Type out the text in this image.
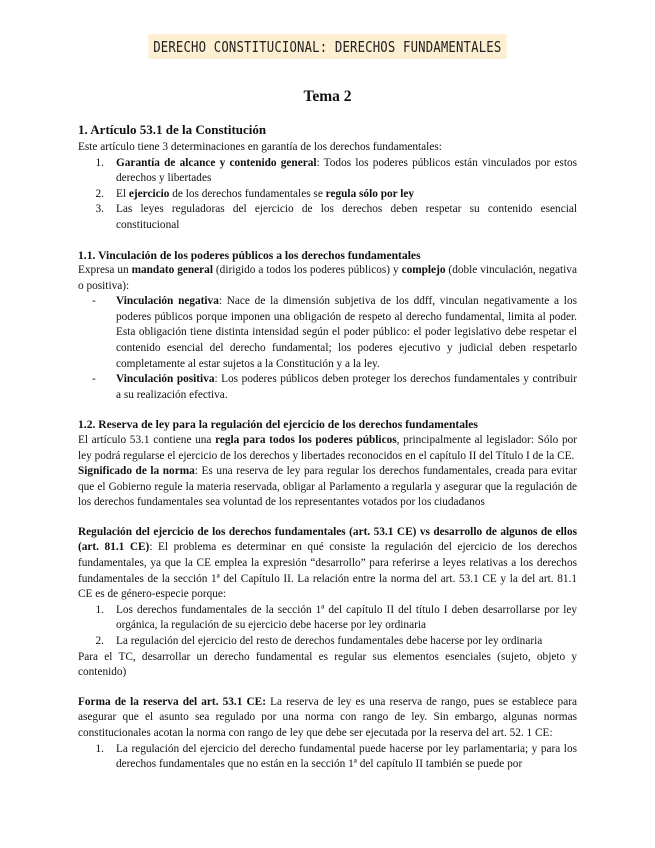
DERECHO CONSTITUCIONAL: DERECHOS FUNDAMENTALES
Tema 2
1. Artículo 53.1 de la Constitución

Este artículo tiene 3 determinaciones en garantía de los derechos fundamentales:

1.	Garantía de alcance y contenido general: Todos los poderes públicos están vinculados por estos derechos y libertades
2.	El ejercicio de los derechos fundamentales se regula sólo por ley
3.	Las leyes reguladoras del ejercicio de los derechos deben respetar su contenido esencial constitucional
1.1. Vinculación de los poderes públicos a los derechos fundamentales

Expresa un mandato general (dirigido a todos los poderes públicos) y complejo (doble vinculación, negativa o positiva):

-	Vinculación negativa: Nace de la dimensión subjetiva de los ddff, vinculan negativamente a los poderes públicos porque imponen una obligación de respeto al derecho fundamental, limita al poder. Esta obligación tiene distinta intensidad según el poder público: el poder legislativo debe respetar el contenido esencial del derecho fundamental; los poderes ejecutivo y judicial deben respetarlo completamente al estar sujetos a la Constitución y a la ley.
-	Vinculación positiva: Los poderes públicos deben proteger los derechos fundamentales y contribuir a su realización efectiva.
1.2. Reserva de ley para la regulación del ejercicio de los derechos fundamentales

El artículo 53.1 contiene una regla para todos los poderes públicos, principalmente al legislador: Sólo por ley podrá regularse el ejercicio de los derechos y libertades reconocidos en el capítulo II del Título I de la CE.

Significado de la norma: Es una reserva de ley para regular los derechos fundamentales, creada para evitar que el Gobierno regule la materia reservada, obligar al Parlamento a regularla y asegurar que la regulación de los derechos fundamentales sea voluntad de los representantes votados por los ciudadanos

Regulación del ejercicio de los derechos fundamentales (art. 53.1 CE) vs desarrollo de algunos de ellos (art. 81.1 CE): El problema es determinar en qué consiste la regulación del ejercicio de los derechos fundamentales, ya que la CE emplea la expresión “desarrollo” para referirse a leyes relativas a los derechos fundamentales de la sección 1ª del Capítulo II. La relación entre la norma del art. 53.1 CE y la del art. 81.1 CE es de género-especie porque:

1.	Los derechos fundamentales de la sección 1ª del capítulo II del título I deben desarrollarse por ley orgánica, la regulación de su ejercicio debe hacerse por ley ordinaria
2.	La regulación del ejercicio del resto de derechos fundamentales debe hacerse por ley ordinaria

Para el TC, desarrollar un derecho fundamental es regular sus elementos esenciales (sujeto, objeto y contenido)

Forma de la reserva del art. 53.1 CE: La reserva de ley es una reserva de rango, pues se establece para asegurar que el asunto sea regulado por una norma con rango de ley. Sin embargo, algunas normas constitucionales acotan la norma con rango de ley que debe ser ejecutada por la reserva del art. 52. 1 CE:

1.	La regulación del ejercicio del derecho fundamental puede hacerse por ley parlamentaria; y para los derechos fundamentales que no están en la sección 1ª del capítulo II también se puede por
